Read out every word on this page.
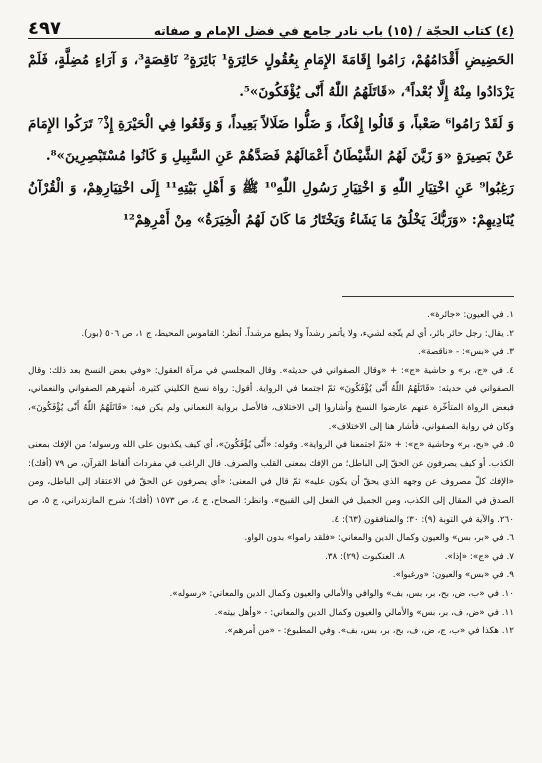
(٤) كتاب الحجّة / (١٥) باب نادر جامع في فضل الإمام و صفاته
٤٩٧

الحَضِيضِ أَقْدَامُهُمْ، رَامُوا إِقَامَةَ الإِمَامِ بِعُقُولٍ حَائِرَةٍ¹ بَائِرَةٍ² نَاقِصَةٍ³، وَ آرَاءٍ مُضِلَّةٍ، فَلَمْ يَزْدَادُوا مِنْهُ إِلَّا بُعْداً⁴، «قَاتَلَهُمُ اللّٰهُ أَنّٰى يُؤْفَكُونَ»⁵.

وَ لَقَدْ رَامُوا⁶ صَعْباً، وَ قَالُوا إِفْكاً، وَ ضَلُّوا ضَلَالاً بَعِيداً، وَ وَقَعُوا فِي الْحَيْرَةِ إِذْ⁷ تَرَكُوا الإِمَامَ عَنْ بَصِيرَةٍ «وَ زَيَّنَ لَهُمُ الشَّيْطَانُ أَعْمَالَهُمْ فَصَدَّهُمْ عَنِ السَّبِيلِ وَ كَانُوا مُسْتَبْصِرِينَ»⁸.

رَغِبُوا⁹ عَنِ اخْتِيَارِ اللّٰهِ وَ اخْتِيَارِ رَسُولِ اللّٰهِ¹⁰ ﷺ وَ أَهْلِ بَيْتِهِ¹¹ إِلَى اخْتِيَارِهِمْ، وَ الْقُرْآنُ يُنَادِيهِمْ: «وَرَبُّكَ يَخْلُقُ مَا يَشَاءُ وَيَخْتَارُ مَا كَانَ لَهُمُ الْخِيَرَةُ» مِنْ أَمْرِهِمْ¹²

١. في العيون: «جائرة».

٢. يقال: رجل حائر بائر، أي لم يتّجه لشيء، ولا يأتمر رشداً ولا يطيع مرشداً. أنظر: القاموس المحيط، ج ١، ص ٥٠٦ (بور).

٣. في «بس»: - «ناقصة».

٤. في «ج، بر» و حاشية «ج»: + «وقال الصفواني في حديثه». وقال المجلسي في مرآة العقول: «وفي بعض النسخ بعد ذلك: وقال الصفواني في حديثه: «قَاتَلَهُمُ اللّٰهُ أَنّٰى يُؤْفَكُونَ» ثمّ اجتمعا في الرواية. أقول: رواة نسخ الكليني كثيرة، أشهرهم الصفواني والنعماني، فبعض الرواة المتأخّرة عنهم عارضوا النسخ وأشاروا إلى الاختلاف، فالأصل برواية النعماني ولم يكن فيه: «قَاتَلَهُمُ اللّٰهُ أَنّٰى يُؤْفَكُونَ»، وكان في رواية الصفواني، فأشار هنا إلى الاختلاف».

٥. في «بح، بر» وحاشية «ج»: + «ثمّ اجتمعنا في الرواية». وقوله: «أَنّٰى يُؤْفَكُونَ»، أي كيف يكذبون على الله ورسوله؛ من الإفك بمعنى الكذب. أو كيف يصرفون عن الحقّ إلى الباطل؛ من الإفك بمعنى القلب والصرف. قال الراغب في مفردات ألفاظ القرآن، ص ٧٩ (أفك): «الإفك كلّ مصروف عن وجهه الذي يحقّ أن يكون عليه» ثمّ قال في المعنى: «أي يصرفون عن الحقّ في الاعتقاد إلى الباطل، ومن الصدق في المقال إلى الكذب، ومن الجميل في الفعل إلى القبيح». وانظر: الصحاح، ج ٤، ص ١٥٧٣ (أفك)؛ شرح المازندراني، ج ٥، ص ٢٦٠. والآية في التوبة (٩): ٣٠؛ والمنافقون (٦٣): ٤.

٦. في «بر، بس» والعيون وكمال الدين والمعاني: «فلقد راموا» بدون الواو.

٧. في «ج»: «إذا».
٨. العنكبوت (٢٩): ٣٨.

٩. في «بس» والعيون: «ورغبوا».

١٠. في «ب، ض، بح، بر، بس، بف» والوافي والأمالي والعيون وكمال الدين والمعاني: «رسوله».

١١. في «ض، ف، بر، بس» والأمالي والعيون وكمال الدين والمعاني: - «وأهل بيته».

١٢. هكذا في «ب، ج، ض، ف، بح، بر، بس، بف». وفي المطبوع: - «من أمرهم».
